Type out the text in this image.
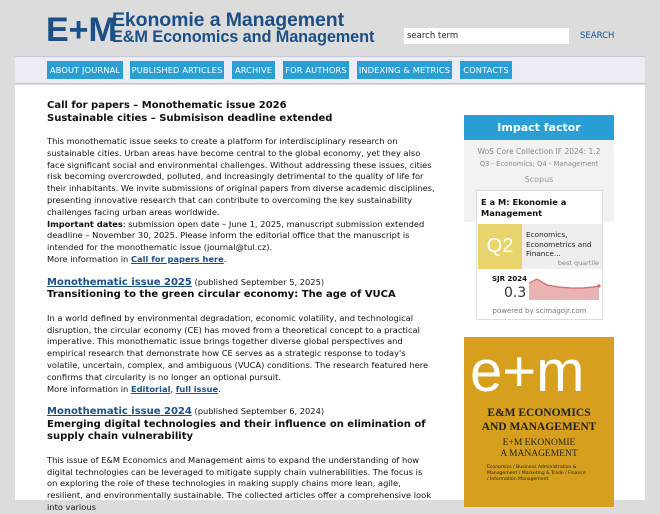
E+M
Ekonomie a Management
E&M Economics and Management
search term	SEARCH
ABOUT JOURNAL	PUBLISHED ARTICLES	ARCHIVE	FOR AUTHORS INDEXING & METRICS	CONTACTS
Call for papers – Monothematic issue 2026
Sustainable cities – Submisison deadline extended
This monothematic issue seeks to create a platform for interdisciplinary research on sustainable cities. Urban areas have become central to the global economy, yet they also face significant social and environmental challenges. Without addressing these issues, cities risk becoming overcrowded, polluted, and increasingly detrimental to the quality of life for their inhabitants. We invite submissions of original papers from diverse academic disciplines, presenting innovative research that can contribute to overcoming the key sustainability challenges facing urban areas worldwide.
Important dates: submission open date – June 1, 2025, manuscript submission extended deadline – November 30, 2025. Please inform the editorial office that the manuscript is intended for the monothematic issue (journal@tul.cz).
More information in Call for papers here.
Monothematic issue 2025 (published September 5, 2025)
Transitioning to the green circular economy: The age of VUCA
In a world defined by environmental degradation, economic volatility, and technological disruption, the circular economy (CE) has moved from a theoretical concept to a practical imperative. This monothematic issue brings together diverse global perspectives and empirical research that demonstrate how CE serves as a strategic response to today's volatile, uncertain, complex, and ambiguous (VUCA) conditions. The research featured here confirms that circularity is no longer an optional pursuit.
More information in Editorial, full issue.
Monothematic issue 2024 (published September 6, 2024)
Emerging digital technologies and their influence on elimination of supply chain vulnerability
This issue of E&M Economics and Management aims to expand the understanding of how digital technologies can be leveraged to mitigate supply chain vulnerabilities. The focus is on exploring the role of these technologies in making supply chains more lean, agile, resilient, and environmentally sustainable. The collected articles offer a comprehensive look into various
Impact factor
WoS Core Collection IF 2024: 1.2
Q3 - Economics; Q4 - Management
Scopus
E a M: Ekonomie a Management
Q2
Economics, Econometrics and Finance...
best quartile
SJR 2024
0.3
powered by scimagojr.com
e+m
E&M ECONOMICS
AND MANAGEMENT
E+M EKONOMIE
A MANAGEMENT
Economics / Business Administration & Management / Marketing & Trade / Finance / Information Management
